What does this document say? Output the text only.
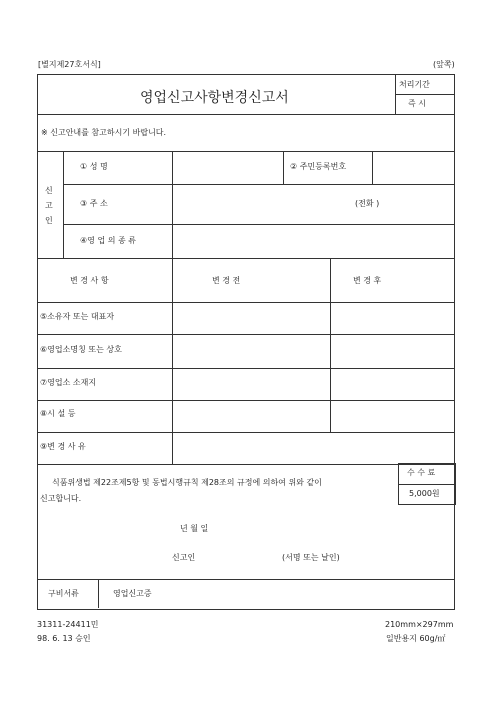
[별지제27호서식]	(앞쪽)
영업신고사항변경신고서
처리기간
즉 시
※ 신고안내를 참고하시기 바랍니다.
신
고
인
① 성 명	② 주민등록번호
③ 주 소	(전화 )
④영 업 의 종 류
변 경 사 항	변 경 전	변 경 후
⑤소유자 또는 대표자
⑥영업소명칭 또는 상호
⑦영업소 소재지
⑧시 설 등
⑨변 경 사 유
수 수 료
5,000원
식품위생법 제22조제5항 및 동법시행규칙 제28조의 규정에 의하여 위와 같이
신고합니다.
년 월 일
신고인	(서명 또는 날인)
구비서류	영업신고증
31311-24411민
98. 6. 13 승인
210mm×297mm
일반용지 60g/㎡
